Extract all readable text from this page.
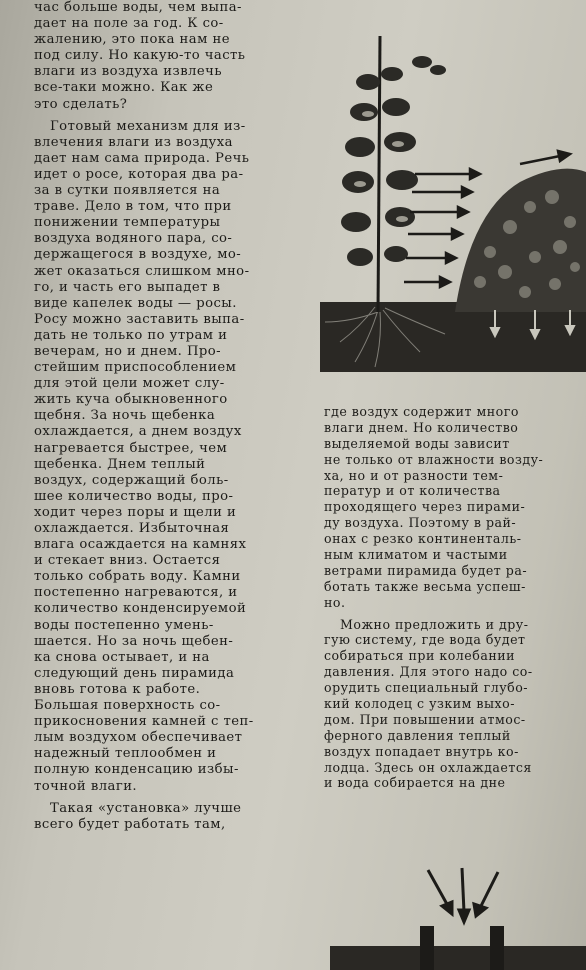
час больше воды, чем выпа-
дает на поле за год. К со-
жалению, это пока нам не
под силу. Но какую-то часть
влаги из воздуха извлечь
все-таки можно. Как же
это сделать?
Готовый механизм для из-
влечения влаги из воздуха
дает нам сама природа. Речь
идет о росе, которая два ра-
за в сутки появляется на
траве. Дело в том, что при
понижении температуры
воздуха водяного пара, со-
держащегося в воздухе, мо-
жет оказаться слишком мно-
го, и часть его выпадет в
виде капелек воды — росы.
Росу можно заставить выпа-
дать не только по утрам и
вечерам, но и днем. Про-
стейшим приспособлением
для этой цели может слу-
жить куча обыкновенного
щебня. За ночь щебенка
охлаждается, а днем воздух
нагревается быстрее, чем
щебенка. Днем теплый
воздух, содержащий боль-
шее количество воды, про-
ходит через поры и щели и
охлаждается. Избыточная
влага осаждается на камнях
и стекает вниз. Остается
только собрать воду. Камни
постепенно нагреваются, и
количество конденсируемой
воды постепенно умень-
шается. Но за ночь щебен-
ка снова остывает, и на
следующий день пирамида
вновь готова к работе.
Большая поверхность со-
прикосновения камней с теп-
лым воздухом обеспечивает
надежный теплообмен и
полную конденсацию избы-
точной влаги.
Такая «установка» лучше
всего будет работать там,
где воздух содержит много
влаги днем. Но количество
выделяемой воды зависит
не только от влажности возду-
ха, но и от разности тем-
ператур и от количества
проходящего через пирами-
ду воздуха. Поэтому в рай-
онах с резко континенталь-
ным климатом и частыми
ветрами пирамида будет ра-
ботать также весьма успеш-
но.
Можно предложить и дру-
гую систему, где вода будет
собираться при колебании
давления. Для этого надо со-
орудить специальный глубо-
кий колодец с узким выхо-
дом. При повышении атмос-
ферного давления теплый
воздух попадает внутрь ко-
лодца. Здесь он охлаждается
и вода собирается на дне
